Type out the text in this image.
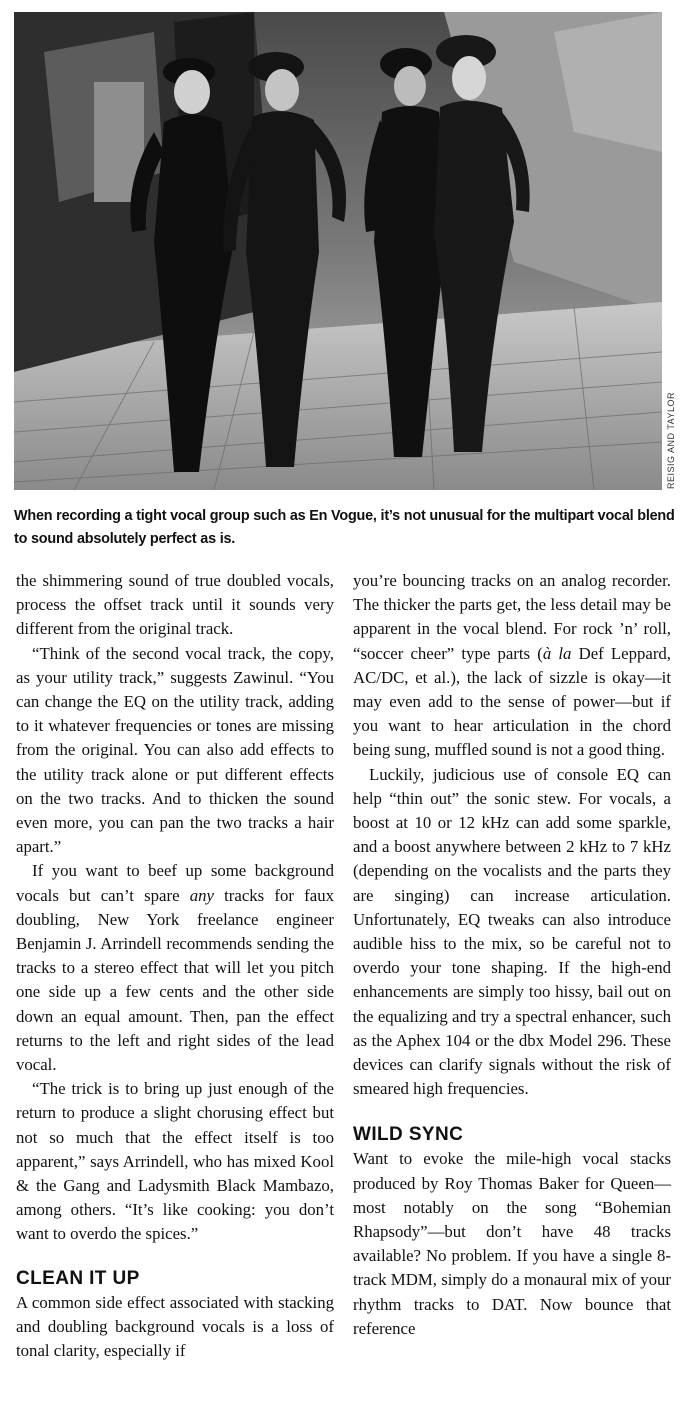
REISIG AND TAYLOR
When recording a tight vocal group such as En Vogue, it’s not unusual for the multipart vocal blend to sound absolutely perfect as is.

the shimmering sound of true doubled vocals, process the offset track until it sounds very different from the original track.

“Think of the second vocal track, the copy, as your utility track,” suggests Zawinul. “You can change the EQ on the utility track, adding to it whatever frequencies or tones are missing from the original. You can also add effects to the utility track alone or put different effects on the two tracks. And to thicken the sound even more, you can pan the two tracks a hair apart.”

If you want to beef up some background vocals but can’t spare any tracks for faux doubling, New York freelance engineer Benjamin J. Arrindell recommends sending the tracks to a stereo effect that will let you pitch one side up a few cents and the other side down an equal amount. Then, pan the effect returns to the left and right sides of the lead vocal.

“The trick is to bring up just enough of the return to produce a slight chorusing effect but not so much that the effect itself is too apparent,” says Arrindell, who has mixed Kool & the Gang and Ladysmith Black Mambazo, among others. “It’s like cooking: you don’t want to overdo the spices.”

CLEAN IT UP

A common side effect associated with stacking and doubling background vocals is a loss of tonal clarity, especially if

you’re bouncing tracks on an analog recorder. The thicker the parts get, the less detail may be apparent in the vocal blend. For rock ’n’ roll, “soccer cheer” type parts (à la Def Leppard, AC/DC, et al.), the lack of sizzle is okay—it may even add to the sense of power—but if you want to hear articulation in the chord being sung, muffled sound is not a good thing.

Luckily, judicious use of console EQ can help “thin out” the sonic stew. For vocals, a boost at 10 or 12 kHz can add some sparkle, and a boost anywhere between 2 kHz to 7 kHz (depending on the vocalists and the parts they are singing) can increase articulation. Unfortunately, EQ tweaks can also introduce audible hiss to the mix, so be careful not to overdo your tone shaping. If the high-end enhancements are simply too hissy, bail out on the equalizing and try a spectral enhancer, such as the Aphex 104 or the dbx Model 296. These devices can clarify signals without the risk of smeared high frequencies.

WILD SYNC

Want to evoke the mile-high vocal stacks produced by Roy Thomas Baker for Queen—most notably on the song “Bohemian Rhapsody”—but don’t have 48 tracks available? No problem. If you have a single 8-track MDM, simply do a monaural mix of your rhythm tracks to DAT. Now bounce that reference
